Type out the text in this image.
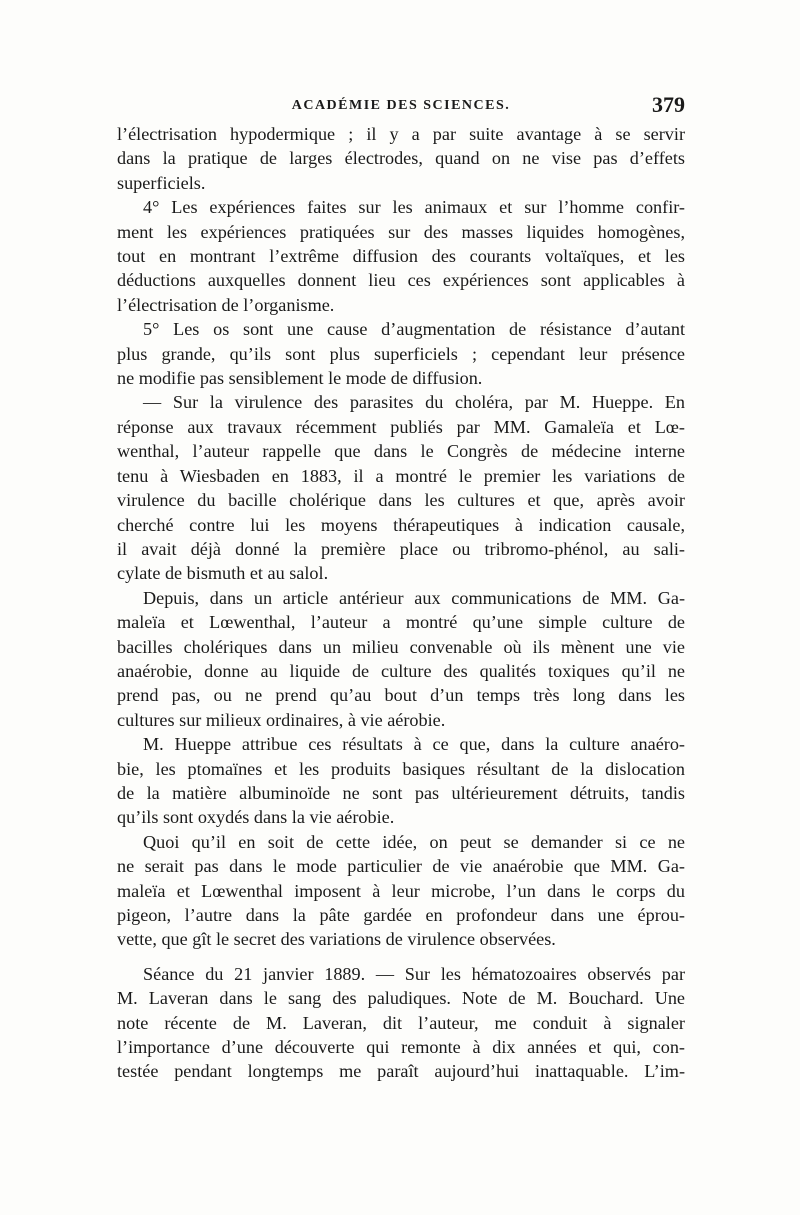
ACADÉMIE DES SCIENCES.	379
l’électrisation hypodermique ; il y a par suite avantage à se servir
dans la pratique de larges électrodes, quand on ne vise pas d’effets
superficiels.
4° Les expériences faites sur les animaux et sur l’homme confir-
ment les expériences pratiquées sur des masses liquides homogènes,
tout en montrant l’extrême diffusion des courants voltaïques, et les
déductions auxquelles donnent lieu ces expériences sont applicables à
l’électrisation de l’organisme.
5° Les os sont une cause d’augmentation de résistance d’autant
plus grande, qu’ils sont plus superficiels ; cependant leur présence
ne modifie pas sensiblement le mode de diffusion.
— Sur la virulence des parasites du choléra, par M. Hueppe. En
réponse aux travaux récemment publiés par MM. Gamaleïa et Lœ-
wenthal, l’auteur rappelle que dans le Congrès de médecine interne
tenu à Wiesbaden en 1883, il a montré le premier les variations de
virulence du bacille cholérique dans les cultures et que, après avoir
cherché contre lui les moyens thérapeutiques à indication causale,
il avait déjà donné la première place ou tribromo-phénol, au sali-
cylate de bismuth et au salol.
Depuis, dans un article antérieur aux communications de MM. Ga-
maleïa et Lœwenthal, l’auteur a montré qu’une simple culture de
bacilles cholériques dans un milieu convenable où ils mènent une vie
anaérobie, donne au liquide de culture des qualités toxiques qu’il ne
prend pas, ou ne prend qu’au bout d’un temps très long dans les
cultures sur milieux ordinaires, à vie aérobie.
M. Hueppe attribue ces résultats à ce que, dans la culture anaéro-
bie, les ptomaïnes et les produits basiques résultant de la dislocation
de la matière albuminoïde ne sont pas ultérieurement détruits, tandis
qu’ils sont oxydés dans la vie aérobie.
Quoi qu’il en soit de cette idée, on peut se demander si ce ne
ne serait pas dans le mode particulier de vie anaérobie que MM. Ga-
maleïa et Lœwenthal imposent à leur microbe, l’un dans le corps du
pigeon, l’autre dans la pâte gardée en profondeur dans une éprou-
vette, que gît le secret des variations de virulence observées.
Séance du 21 janvier 1889. — Sur les hématozoaires observés par
M. Laveran dans le sang des paludiques. Note de M. Bouchard. Une
note récente de M. Laveran, dit l’auteur, me conduit à signaler
l’importance d’une découverte qui remonte à dix années et qui, con-
testée pendant longtemps me paraît aujourd’hui inattaquable. L’im-
